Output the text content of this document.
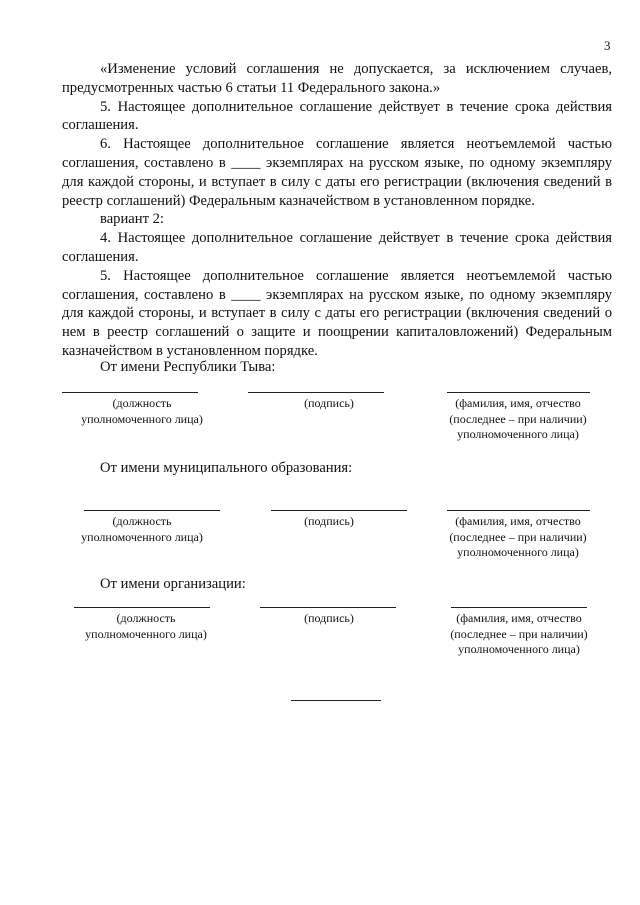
3

«Изменение условий соглашения не допускается, за исключением случаев, предусмотренных частью 6 статьи 11 Федерального закона.»

5. Настоящее дополнительное соглашение действует в течение срока действия соглашения.

6. Настоящее дополнительное соглашение является неотъемлемой частью соглашения, составлено в ____ экземплярах на русском языке, по одному экземпляру для каждой стороны, и вступает в силу с даты его регистрации (включения сведений в реестр соглашений) Федеральным казначейством в установленном порядке.

вариант 2:

4. Настоящее дополнительное соглашение действует в течение срока действия соглашения.

5. Настоящее дополнительное соглашение является неотъемлемой частью соглашения, составлено в ____ экземплярах на русском языке, по одному экземпляру для каждой стороны, и вступает в силу с даты его регистрации (включения сведений о нем в реестр соглашений о защите и поощрении капиталовложений) Федеральным казначейством в установленном порядке.

От имени Республики Тыва:
(должность
уполномоченного лица)
(подпись)	(фамилия, имя, отчество
(последнее – при наличии)
уполномоченного лица)
От имени муниципального образования:
(должность
уполномоченного лица)
(подпись)	(фамилия, имя, отчество
(последнее – при наличии)
уполномоченного лица)
От имени организации:
(должность
уполномоченного лица)
(подпись)	(фамилия, имя, отчество
(последнее – при наличии)
уполномоченного лица)
